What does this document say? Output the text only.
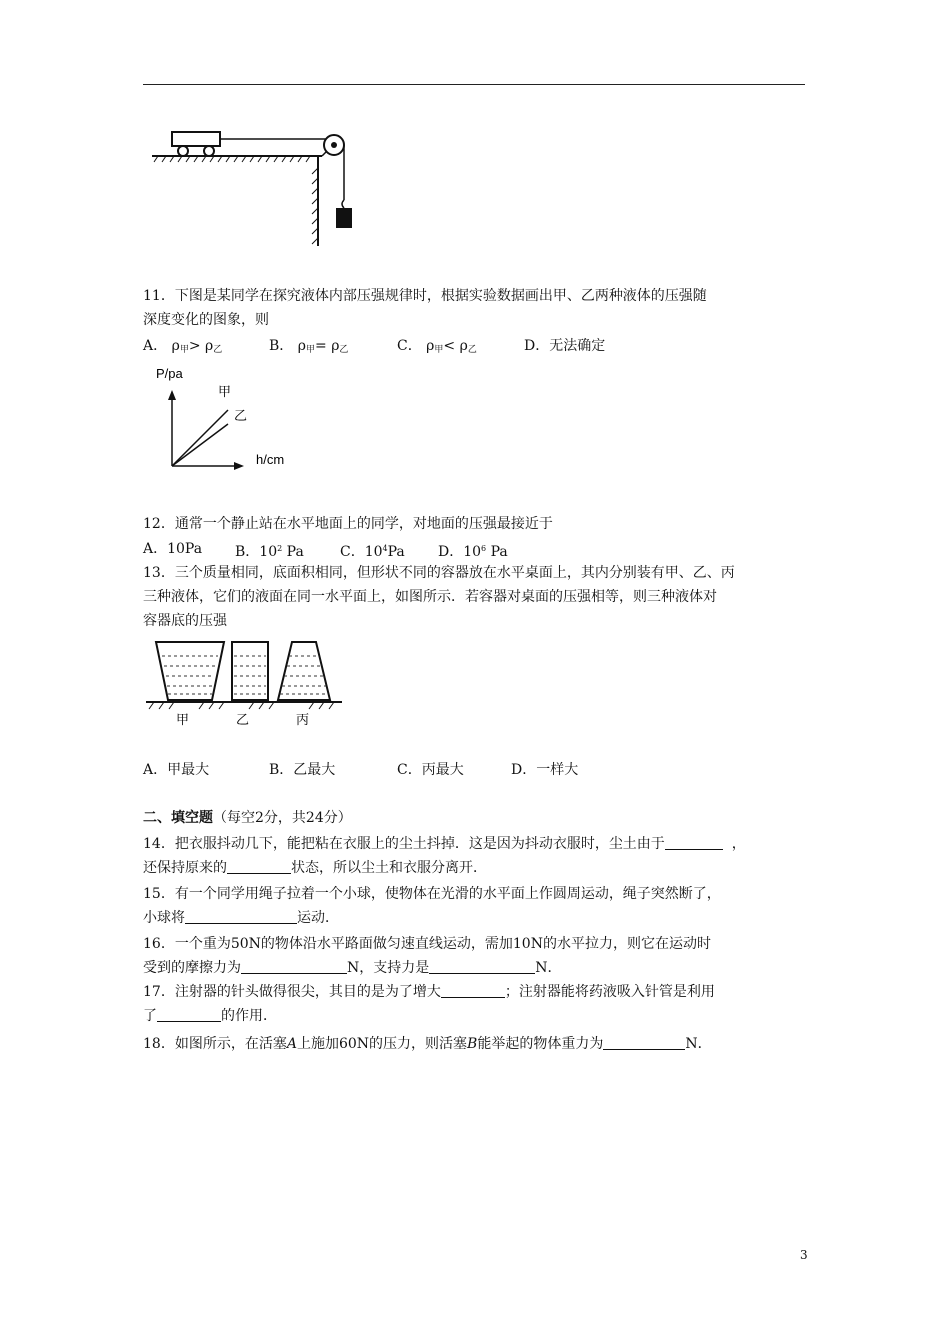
11．下图是某同学在探究液体内部压强规律时，根据实验数据画出甲、乙两种液体的压强随
深度变化的图象，则
A． $\rho_甲> \rho_乙$	B． $\rho_甲= \rho_乙$	C． $\rho_甲< \rho_乙$	D．无法确定
P/pa
h/cm
甲
乙
12．通常一个静止站在水平地面上的同学，对地面的压强最接近于
A．10Pa B．$10^2$ Pa	C．$10^4Pa$ D．$10^6$ Pa
13．三个质量相同，底面积相同，但形状不同的容器放在水平桌面上，其内分别装有甲、乙、丙
三种液体，它们的液面在同一水平面上，如图所示．若容器对桌面的压强相等，则三种液体对
容器底的压强
甲	乙	丙
A．甲最大	B．乙最大	C．丙最大	D．一样大
二、填空题（每空2分，共24分）
14．把衣服抖动几下，能把粘在衣服上的尘土抖掉．这是因为抖动衣服时，尘土由于	，
还保持原来的	状态，所以尘土和衣服分离开．
15．有一个同学用绳子拉着一个小球，使物体在光滑的水平面上作圆周运动，绳子突然断了，
小球将	运动．
16．一个重为50N的物体沿水平路面做匀速直线运动，需加10N的水平拉力，则它在运动时
受到的摩擦力为	N，支持力是	N．
17．注射器的针头做得很尖，其目的是为了增大	；注射器能将药液吸入针管是利用
了	的作用．
18．如图所示，在活塞A上施加60N的压力，则活塞B能举起的物体重力为	N．
3
